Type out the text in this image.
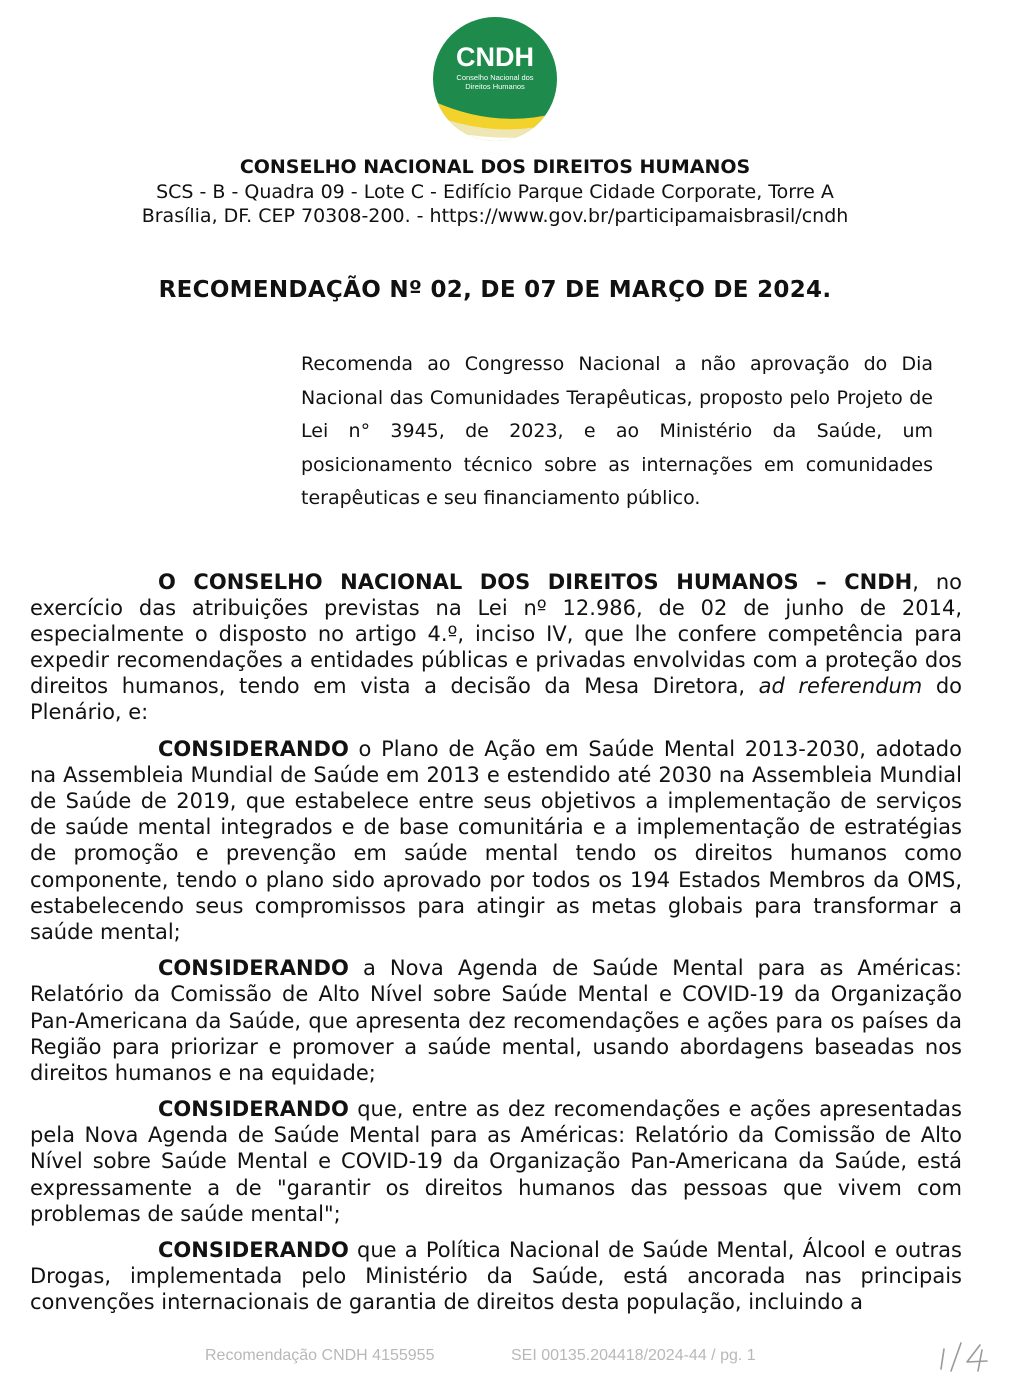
CNDH
Conselho Nacional dos
Direitos Humanos
CONSELHO NACIONAL DOS DIREITOS HUMANOS
SCS - B - Quadra 09 - Lote C - Edifício Parque Cidade Corporate, Torre A
Brasília, DF. CEP 70308-200. - https://www.gov.br/participamaisbrasil/cndh
RECOMENDAÇÃO Nº 02, DE 07 DE MARÇO DE 2024.
Recomenda ao Congresso Nacional a não aprovação do Dia Nacional das Comunidades Terapêuticas, proposto pelo Projeto de Lei n° 3945, de 2023, e ao Ministério da Saúde, um posicionamento técnico sobre as internações em comunidades terapêuticas e seu financiamento público.

O CONSELHO NACIONAL DOS DIREITOS HUMANOS – CNDH, no exercício das atribuições previstas na Lei nº 12.986, de 02 de junho de 2014, especialmente o disposto no artigo 4.º, inciso IV, que lhe confere competência para expedir recomendações a entidades públicas e privadas envolvidas com a proteção dos direitos humanos, tendo em vista a decisão da Mesa Diretora, ad referendum do Plenário, e:

CONSIDERANDO o Plano de Ação em Saúde Mental 2013-2030, adotado na Assembleia Mundial de Saúde em 2013 e estendido até 2030 na Assembleia Mundial de Saúde de 2019, que estabelece entre seus objetivos a implementação de serviços de saúde mental integrados e de base comunitária e a implementação de estratégias de promoção e prevenção em saúde mental tendo os direitos humanos como componente, tendo o plano sido aprovado por todos os 194 Estados Membros da OMS, estabelecendo seus compromissos para atingir as metas globais para transformar a saúde mental;

CONSIDERANDO a Nova Agenda de Saúde Mental para as Américas: Relatório da Comissão de Alto Nível sobre Saúde Mental e COVID-19 da Organização Pan-Americana da Saúde, que apresenta dez recomendações e ações para os países da Região para priorizar e promover a saúde mental, usando abordagens baseadas nos direitos humanos e na equidade;

CONSIDERANDO que, entre as dez recomendações e ações apresentadas pela Nova Agenda de Saúde Mental para as Américas: Relatório da Comissão de Alto Nível sobre Saúde Mental e COVID-19 da Organização Pan-Americana da Saúde, está expressamente a de "garantir os direitos humanos das pessoas que vivem com problemas de saúde mental";

CONSIDERANDO que a Política Nacional de Saúde Mental, Álcool e outras Drogas, implementada pelo Ministério da Saúde, está ancorada nas principais convenções internacionais de garantia de direitos desta população, incluindo a

Recomendação CNDH 4155955	SEI 00135.204418/2024-44 / pg. 1
